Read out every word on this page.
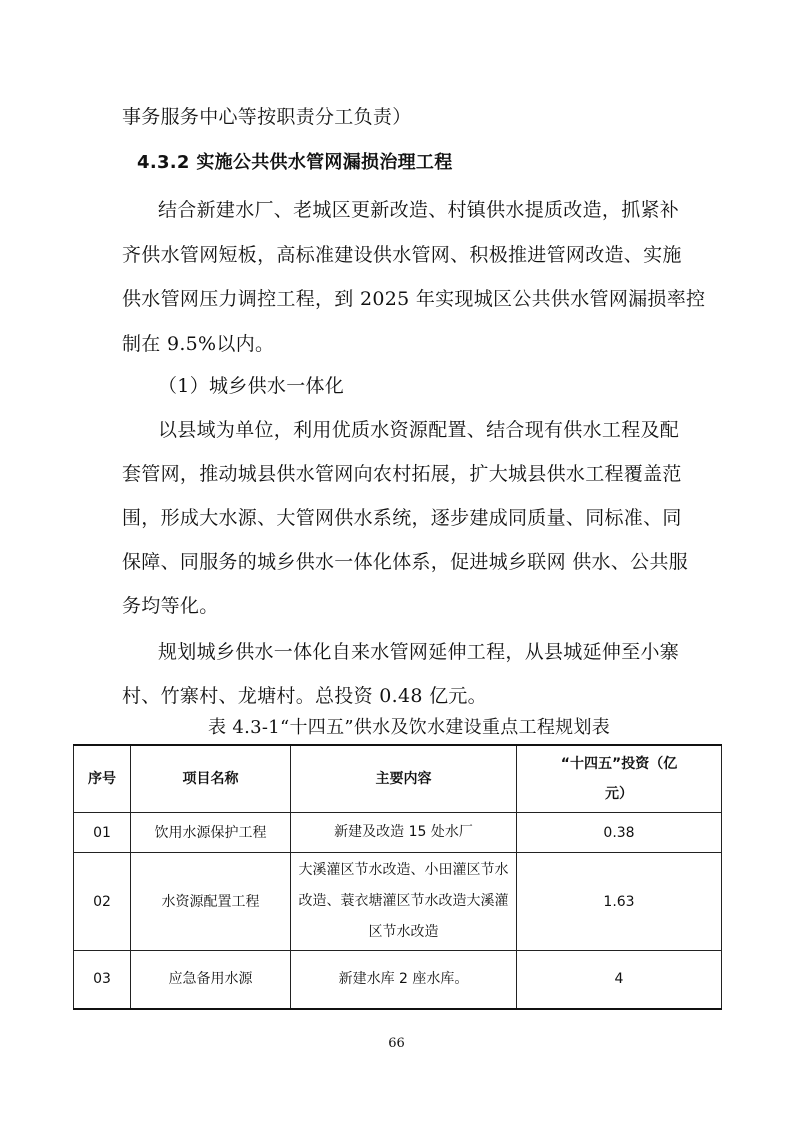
事务服务中心等按职责分工负责）
4.3.2 实施公共供水管网漏损治理工程
结合新建水厂、老城区更新改造、村镇供水提质改造，抓紧补
齐供水管网短板，高标准建设供水管网、积极推进管网改造、实施
供水管网压力调控工程，到 2025 年实现城区公共供水管网漏损率控
制在 9.5%以内。
（1）城乡供水一体化
以县域为单位，利用优质水资源配置、结合现有供水工程及配
套管网，推动城县供水管网向农村拓展，扩大城县供水工程覆盖范
围，形成大水源、大管网供水系统，逐步建成同质量、同标准、同
保障、同服务的城乡供水一体化体系，促进城乡联网 供水、公共服
务均等化。
规划城乡供水一体化自来水管网延伸工程，从县城延伸至小寨
村、竹寨村、龙塘村。总投资 0.48 亿元。
表 4.3-1“十四五”供水及饮水建设重点工程规划表
序号	项目名称	主要内容	“十四五”投资（亿
元）

01	饮用水源保护工程	新建及改造 15 处水厂	0.38
02	水资源配置工程	大溪灌区节水改造、小田灌区节水
改造、蓑衣塘灌区节水改造大溪灌
区节水改造	1.63
03	应急备用水源	新建水库 2 座水库。	4
66
